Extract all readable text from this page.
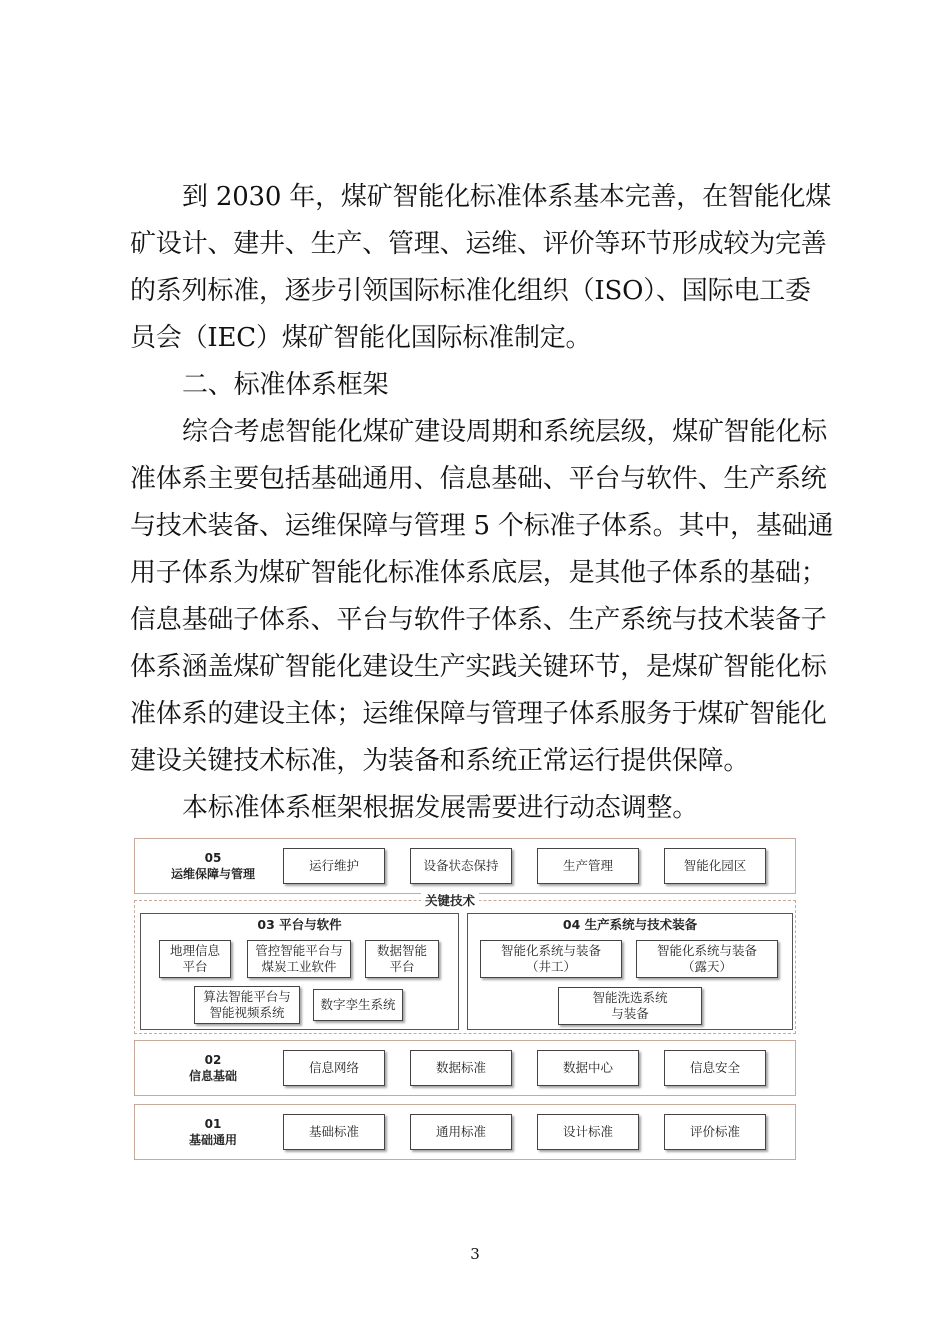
到 2030 年，煤矿智能化标准体系基本完善，在智能化煤
矿设计、建井、生产、管理、运维、评价等环节形成较为完善
的系列标准，逐步引领国际标准化组织（ISO）、国际电工委
员会（IEC）煤矿智能化国际标准制定。
二、标准体系框架
综合考虑智能化煤矿建设周期和系统层级，煤矿智能化标
准体系主要包括基础通用、信息基础、平台与软件、生产系统
与技术装备、运维保障与管理 5 个标准子体系。其中，基础通
用子体系为煤矿智能化标准体系底层，是其他子体系的基础；
信息基础子体系、平台与软件子体系、生产系统与技术装备子
体系涵盖煤矿智能化建设生产实践关键环节，是煤矿智能化标
准体系的建设主体；运维保障与管理子体系服务于煤矿智能化
建设关键技术标准，为装备和系统正常运行提供保障。
本标准体系框架根据发展需要进行动态调整。
05
运维保障与管理
运行维护	设备状态保持	生产管理	智能化园区
关键技术
03 平台与软件
地理信息
平台
管控智能平台与
煤炭工业软件
数据智能
平台
算法智能平台与
智能视频系统
数字孪生系统
04 生产系统与技术装备
智能化系统与装备
（井工）
智能化系统与装备
（露天）
智能洗选系统
与装备
02
信息基础
信息网络	数据标准	数据中心	信息安全
01
基础通用
基础标准	通用标准	设计标准	评价标准
3
